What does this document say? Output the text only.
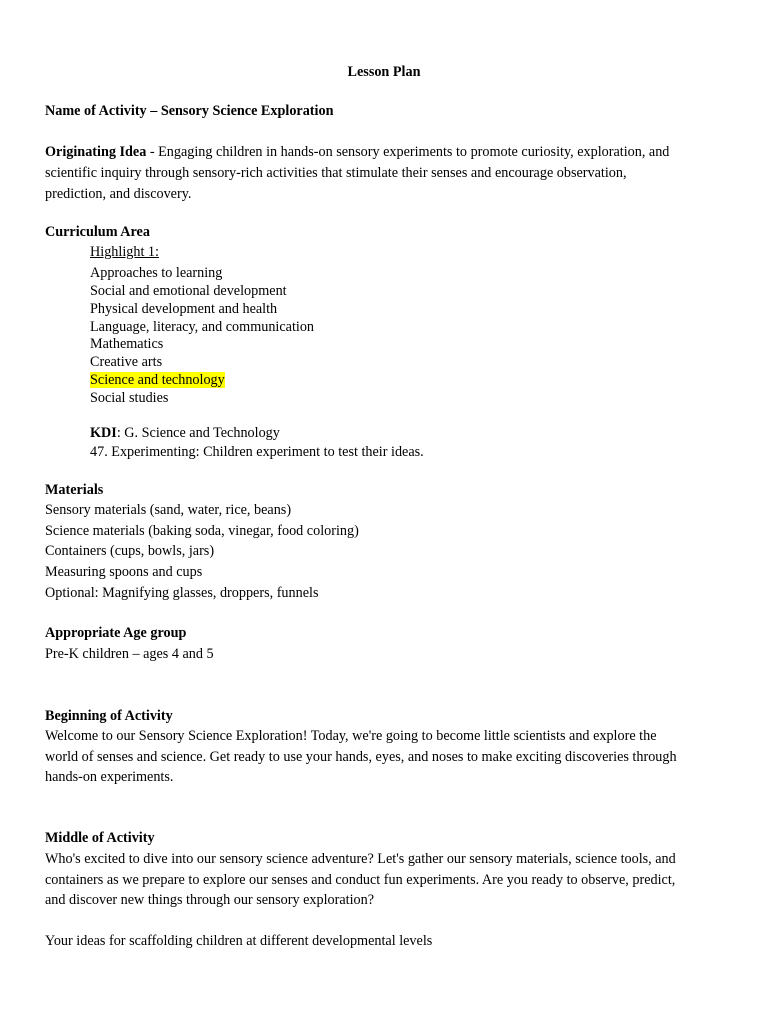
Lesson Plan
Name of Activity – Sensory Science Exploration
Originating Idea - Engaging children in hands-on sensory experiments to promote curiosity, exploration, and
scientific inquiry through sensory-rich activities that stimulate their senses and encourage observation,
prediction, and discovery.
Curriculum Area
Highlight 1:
Approaches to learning
Social and emotional development
Physical development and health
Language, literacy, and communication
Mathematics
Creative arts
Science and technology
Social studies
KDI: G. Science and Technology
47. Experimenting: Children experiment to test their ideas.
Materials
Sensory materials (sand, water, rice, beans)
Science materials (baking soda, vinegar, food coloring)
Containers (cups, bowls, jars)
Measuring spoons and cups
Optional: Magnifying glasses, droppers, funnels
Appropriate Age group
Pre-K children – ages 4 and 5
Beginning of Activity
Welcome to our Sensory Science Exploration! Today, we're going to become little scientists and explore the
world of senses and science. Get ready to use your hands, eyes, and noses to make exciting discoveries through
hands-on experiments.
Middle of Activity
Who's excited to dive into our sensory science adventure? Let's gather our sensory materials, science tools, and
containers as we prepare to explore our senses and conduct fun experiments. Are you ready to observe, predict,
and discover new things through our sensory exploration?
Your ideas for scaffolding children at different developmental levels
